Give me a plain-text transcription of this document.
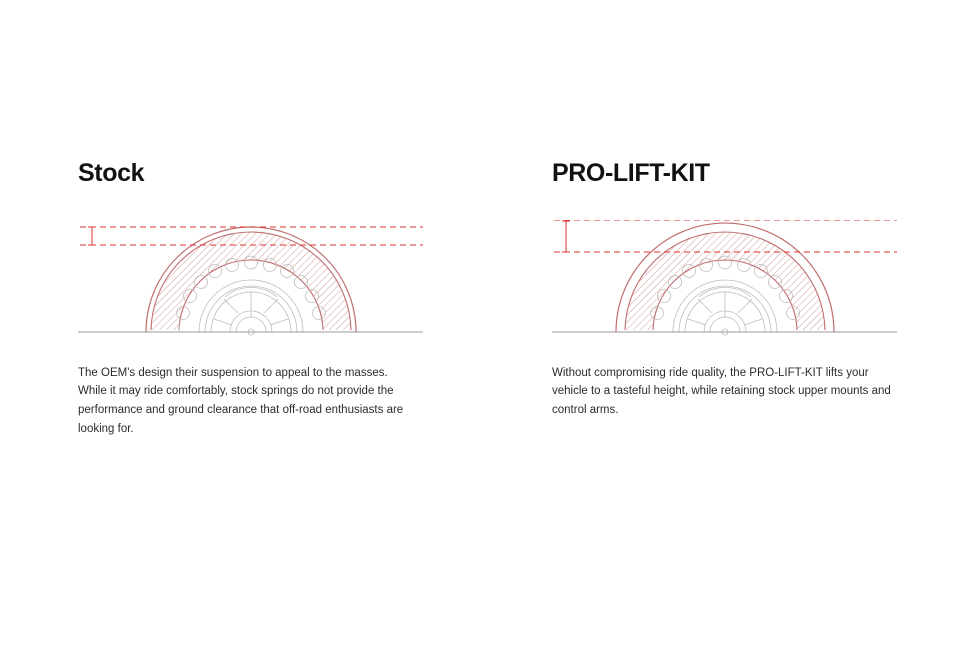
Stock

The OEM's design their suspension to appeal to the masses. While it may ride comfortably, stock springs do not provide the performance and ground clearance that off-road enthusiasts are looking for.

PRO-LIFT-KIT

Without compromising ride quality, the PRO-LIFT-KIT lifts your vehicle to a tasteful height, while retaining stock upper mounts and control arms.
